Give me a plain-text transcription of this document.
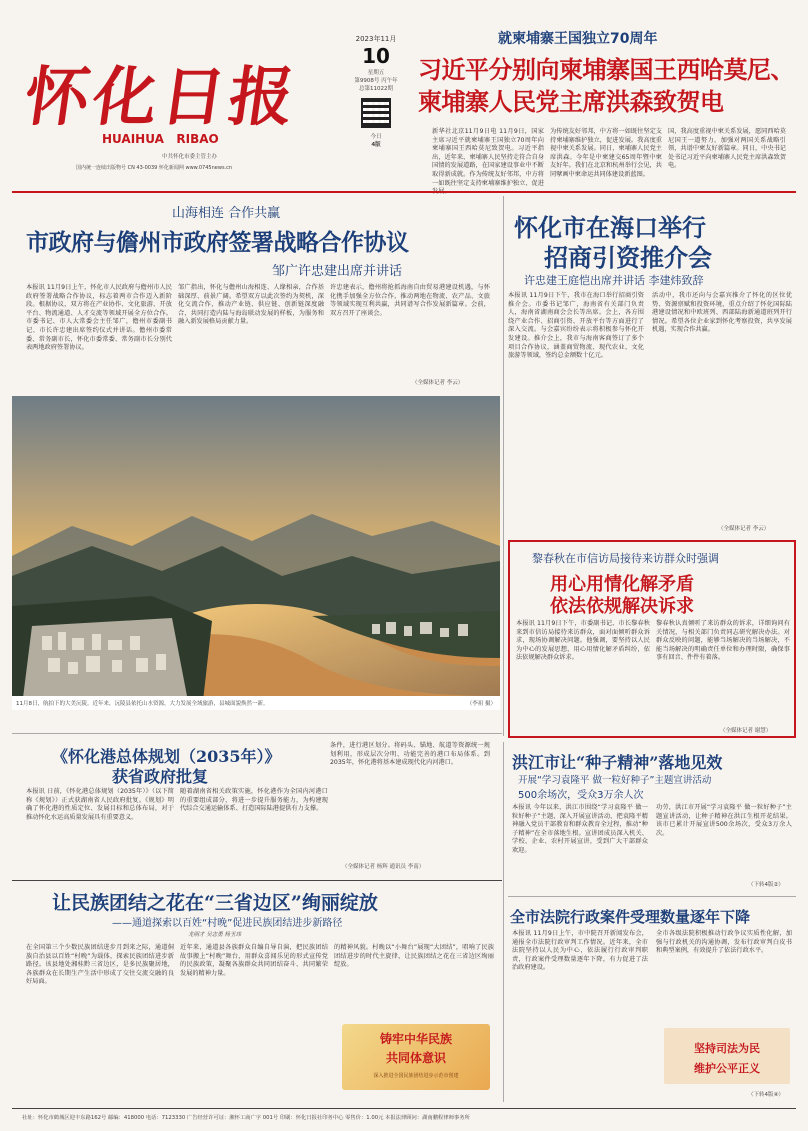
怀化日报
HUAIHUA   RIBAO
中共怀化市委主管主办
国内统一连续出版物号 CN 43-0039 怀化新闻网 www.0745news.cn
2023年11月
10
星期五
第9908号 丙午年
总第11022期
今日
4版
就柬埔寨王国独立70周年
习近平分别向柬埔寨国王西哈莫尼、
柬埔寨人民党主席洪森致贺电
新华社北京11月9日电 11月9日，国家主席习近平就柬埔寨王国独立70周年向柬埔寨国王西哈莫尼致贺电。习近平指出，近年来，柬埔寨人民坚持走符合自身国情的发展道路，在国家建设事业中不断取得新成就。作为传统友好邻邦，中方将一如既往坚定支持柬埔寨维护独立、促进
为传统友好邻邦，中方将一如既往坚定支持柬埔寨维护独立，促进发展。我高度重视中柬关系发展。同日，柬埔寨人民党主席洪森。今年是中柬建交65周年暨中柬友好年。我们在北京和杭州举行会见，共同擘画中柬命运共同体建设新蓝图。
国，我高度重视中柬关系发展，愿同西哈莫尼国王一道努力，加强对两国关系战略引领，共谱中柬友好新篇章。同日，中央书记处书记习近平向柬埔寨人民党主席洪森致贺电。
山海相连 合作共赢
市政府与儋州市政府签署战略合作协议
邹广许忠建出席并讲话
本报讯 11月9日上午，怀化市人民政府与儋州市人民政府签署战略合作协议，标志着两市合作迈入新阶段。根据协议，双方将在产业协作、文化旅游、开放平台、物流通道、人才交流等领域开展全方位合作。市委书记、市人大常委会主任邹广，儋州市委副书记、市长许忠建出席签约仪式并讲话。儋州市委常委、常务副市长，怀化市委常委、常务副市长分别代表两地政府签署协议。
邹广指出，怀化与儋州山海相连、人缘相亲，合作基础深厚、前景广阔。希望双方以此次签约为契机，深化交流合作，推动产业链、供应链、创新链深度融合，共同打造内陆与海岛联动发展的样板，为服务和融入新发展格局贡献力量。
许忠建表示，儋州将抢抓海南自由贸易港建设机遇，与怀化携手加强全方位合作，推动两地在物流、农产品、文旅等领域实现互利共赢，共同谱写合作发展新篇章。会前，双方召开了座谈会。
（全媒体记者 李云）
怀化市在海口举行
招商引资推介会
许忠建王庭恺出席并讲话 李建炜致辞
本报讯 11月9日下午，我市在海口举行招商引资推介会。市委书记邹广，海南省有关部门负责人，海南省湖南商会会长等出席。会上，各方围绕产业合作、招商引资、开放平台等方面进行了深入交流。与会嘉宾纷纷表示将积极参与怀化开发建设。推介会上，我市与海南客商签订了多个项目合作协议，涵盖商贸物流、现代农业、文化旅游等领域，签约总金额数十亿元。
活动中，我市还向与会嘉宾推介了怀化的区位优势、资源禀赋和投资环境，重点介绍了怀化国际陆港建设情况和中欧班列、西部陆海新通道班列开行情况。希望各位企业家到怀化考察投资，共享发展机遇，实现合作共赢。
（全媒体记者 李云）
11月8日，航拍下的大美沅陵。近年来，沅陵县依托山水资源，大力发展全域旅游，县城面貌焕然一新。	（李祖 摄）
黎春秋在市信访局接待来访群众时强调
用心用情化解矛盾
依法依规解决诉求
本报讯 11月9日下午，市委副书记、市长黎春秋来到市信访局接待来访群众，面对面倾听群众诉求，现场协调解决问题。他强调，要坚持以人民为中心的发展思想，用心用情化解矛盾纠纷，依法依规解决群众诉求。
黎春秋认真倾听了来访群众的诉求，详细询问有关情况，与相关部门负责同志研究解决办法。对群众反映的问题，能够当场解决的当场解决，不能当场解决的明确责任单位和办理时限，确保事事有回音、件件有着落。
（全媒体记者 谢慧）
《怀化港总体规划（2035年）》
获省政府批复
本报讯 日前，《怀化港总体规划（2035年）》（以下简称《规划》）正式获湖南省人民政府批复。《规划》明确了怀化港的性质定位、发展目标和总体布局，对于推动怀化水运高质量发展具有重要意义。
随着湖南省相关政策实施，怀化港作为全国内河港口的重要组成部分，将进一步提升服务能力，为构建现代综合交通运输体系、打造国际陆港提供有力支撑。
条件，进行港区划分。将码头、锚地、航道等资源统一规划利用，形成层次分明、功能完善的港口布局体系。到2035年，怀化港将基本建成现代化内河港口。
（全媒体记者 杨辉 通讯员 李南）
洪江市让“种子精神”落地见效
开展“学习袁隆平 做一粒好种子”主题宣讲活动
500余场次，受众3万余人次
本报讯 今年以来，洪江市围绕“学习袁隆平 做一粒好种子”主题，深入开展宣讲活动，把袁隆平精神融入党员干部教育和群众教育全过程，推动“种子精神”在全市落地生根。宣讲团成员深入机关、学校、企业、农村开展宣讲，受到广大干部群众欢迎。
功劳，洪江市开展“学习袁隆平 做一粒好种子”主题宣讲活动，让种子精神在洪江生根开花结果。该市已累计开展宣讲500余场次，受众3万余人次。
（下转4版②）
全市法院行政案件受理数量逐年下降
本报讯 11月9日上午，市中院召开新闻发布会，通报全市法院行政审判工作情况。近年来，全市法院坚持以人民为中心，依法履行行政审判职责，行政案件受理数量逐年下降，有力促进了法治政府建设。
全市各级法院积极推动行政争议实质性化解，加强与行政机关的沟通协调，发布行政审判白皮书和典型案例，有效提升了依法行政水平。
坚持司法为民
维护公平正义
（下转4版④）
让民族团结之花在“三省边区”绚丽绽放
——通道探索以百姓“村晚”促进民族团结进步新路径
龙明才 吴志勇 杨玉玮
在全国第三个少数民族团结进步月到来之际，通道侗族自治县以百姓“村晚”为载体，探索民族团结进步新路径。该县地处湘桂黔三省边区，是多民族聚居地，各族群众在长期生产生活中形成了交往交流交融的良好局面。
近年来，通道县各族群众自编自导自演，把民族团结故事搬上“村晚”舞台，用群众喜闻乐见的形式宣传党的民族政策，凝聚各族群众共同团结奋斗、共同繁荣发展的精神力量。
的精神风貌。村晚以“小舞台”展现“大团结”，唱响了民族团结进步的时代主旋律，让民族团结之花在三省边区绚丽绽放。
铸牢中华民族
共同体意识
深入推进全国民族团结进步示范市创建
社址：怀化市鹤城区迎丰东路162号 邮编：418000 电话：7123330 广告经营许可证：湘怀工商广字 001号 印刷：怀化日报社印务中心 零售价：1.00元 本报法律顾问：湖南鹏程律师事务所
